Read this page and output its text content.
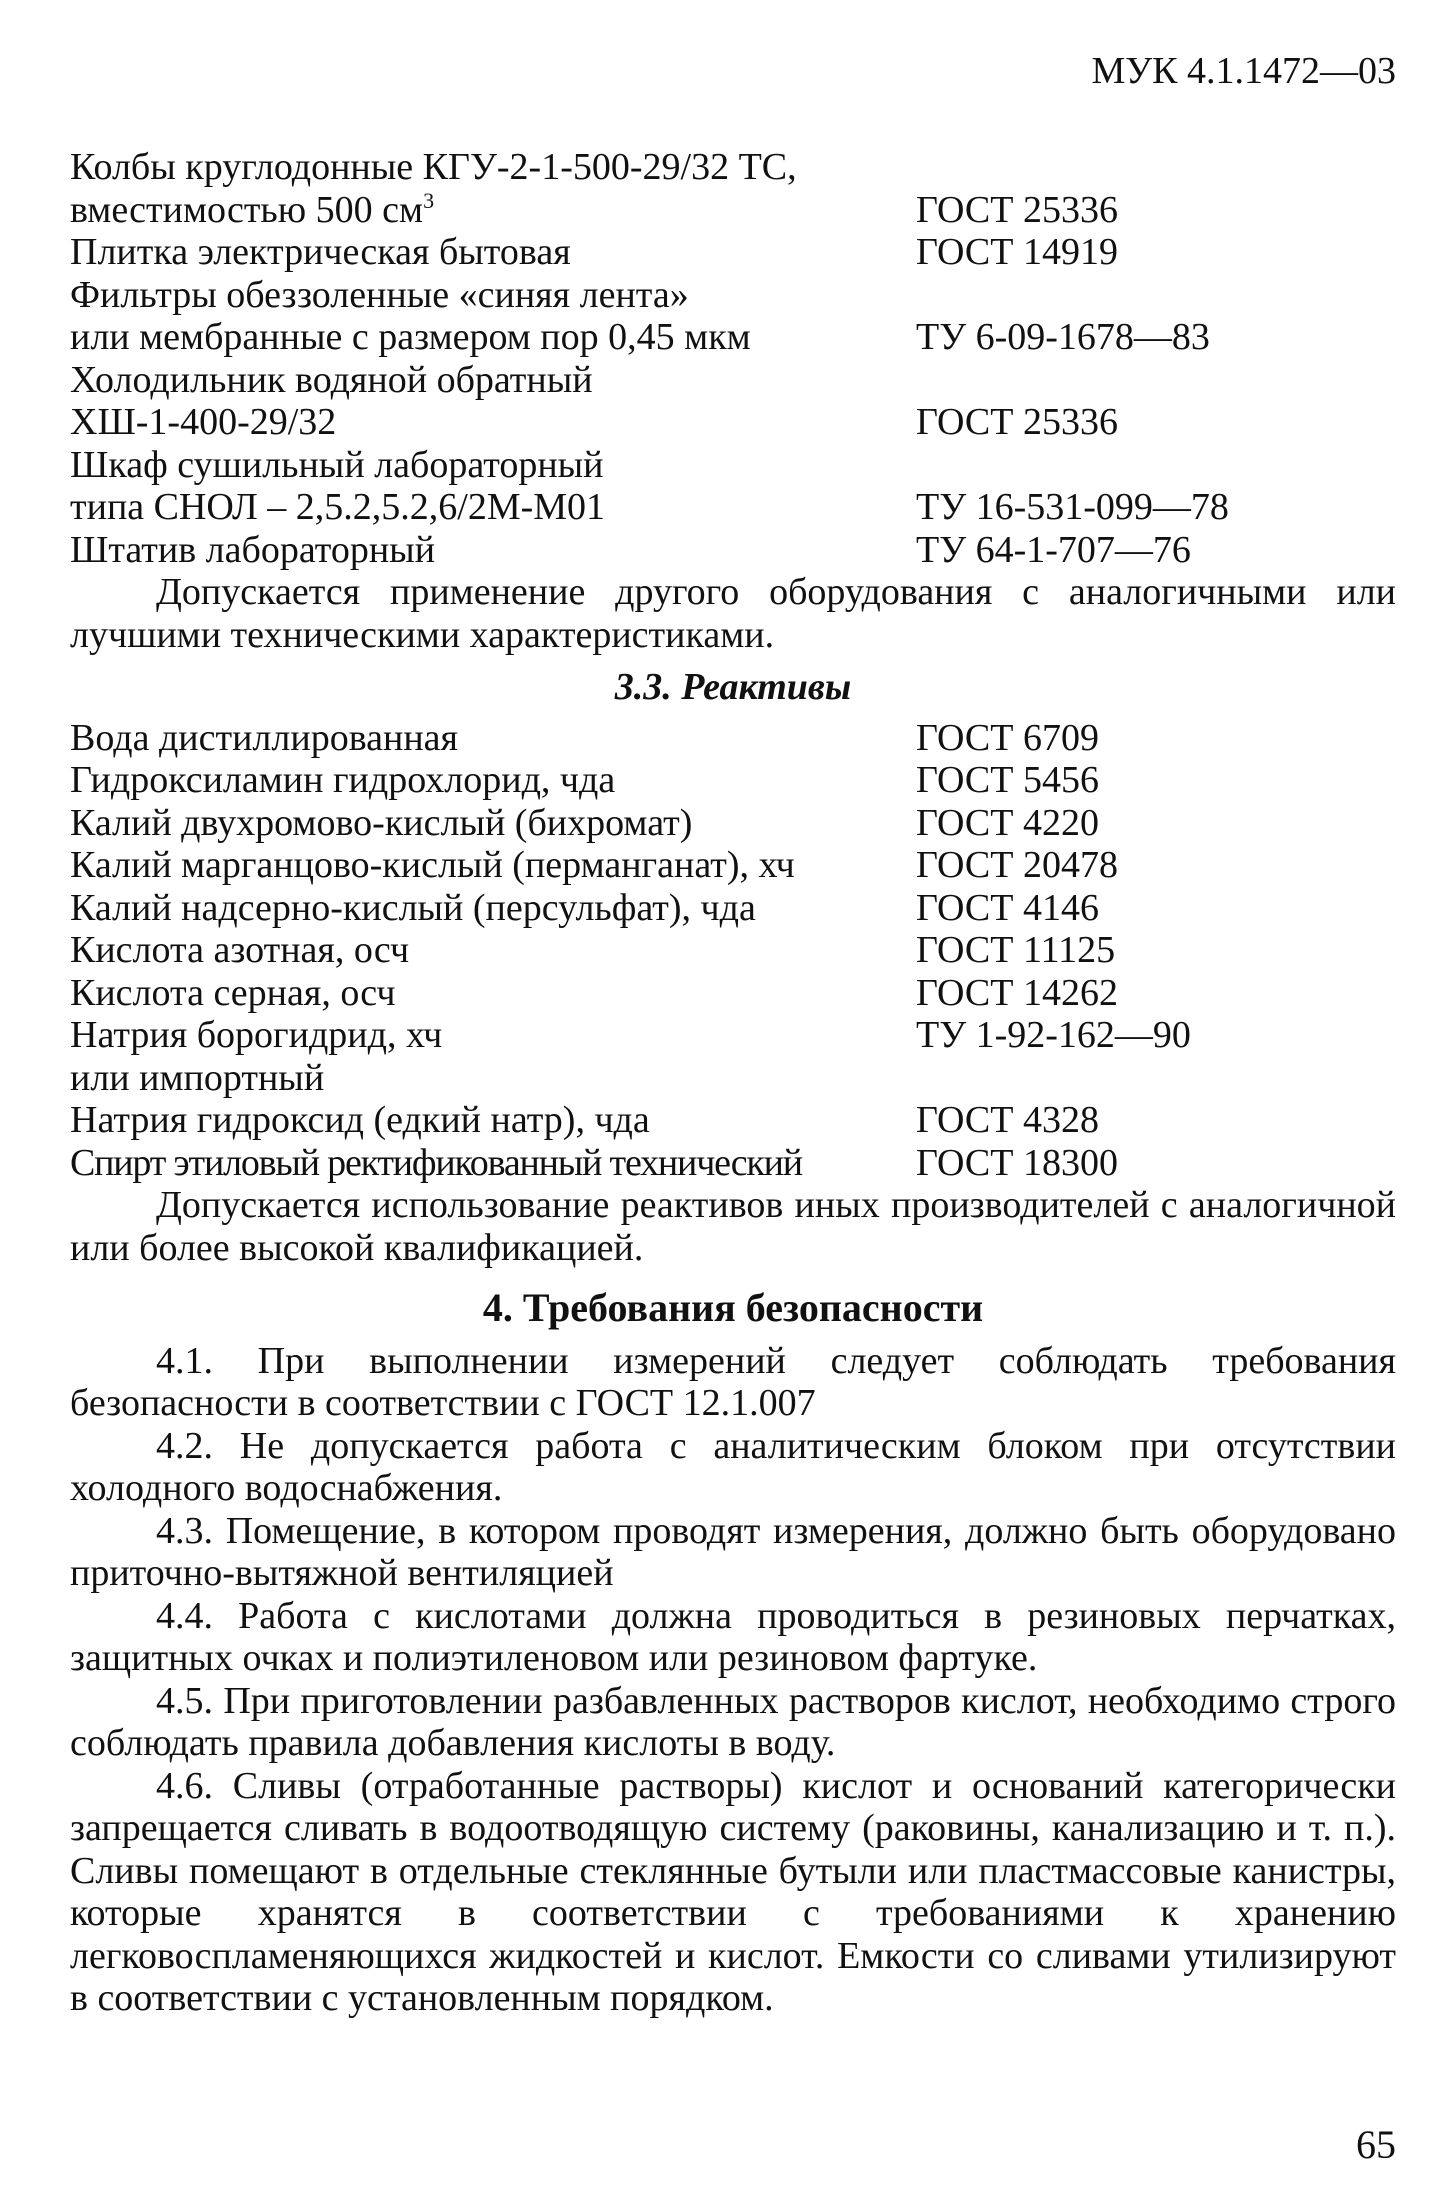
МУК 4.1.1472—03
Колбы круглодонные КГУ-2-1-500-29/32 ТС,
вместимостью 500 $см^3$	ГОСТ 25336
Плитка электрическая бытовая	ГОСТ 14919
Фильтры обеззоленные «синяя лента»
или мембранные с размером пор 0,45 мкм	ТУ 6-09-1678—83
Холодильник водяной обратный
ХШ-1-400-29/32	ГОСТ 25336
Шкаф сушильный лабораторный
типа СНОЛ – 2,5.2,5.2,6/2М-М01	ТУ 16-531-099—78
Штатив лабораторный	ТУ 64-1-707—76

Допускается применение другого оборудования с аналогичными или лучшими техническими характеристиками.

3.3. Реактивы
Вода дистиллированная	ГОСТ 6709
Гидроксиламин гидрохлорид, чда	ГОСТ 5456
Калий двухромово-кислый (бихромат)	ГОСТ 4220
Калий марганцово-кислый (перманганат), хч	ГОСТ 20478
Калий надсерно-кислый (персульфат), чда	ГОСТ 4146
Кислота азотная, осч	ГОСТ 11125
Кислота серная, осч	ГОСТ 14262
Натрия борогидрид, хч	ТУ 1-92-162—90
или импортный
Натрия гидроксид (едкий натр), чда	ГОСТ 4328
Спирт этиловый ректификованный технический	ГОСТ 18300

Допускается использование реактивов иных производителей с аналогичной или более высокой квалификацией.

4. Требования безопасности

4.1. При выполнении измерений следует соблюдать требования безопасности в соответствии с ГОСТ 12.1.007

4.2. Не допускается работа с аналитическим блоком при отсутствии холодного водоснабжения.

4.3. Помещение, в котором проводят измерения, должно быть оборудовано приточно-вытяжной вентиляцией

4.4. Работа с кислотами должна проводиться в резиновых перчатках, защитных очках и полиэтиленовом или резиновом фартуке.

4.5. При приготовлении разбавленных растворов кислот, необходимо строго соблюдать правила добавления кислоты в воду.

4.6. Сливы (отработанные растворы) кислот и оснований категорически запрещается сливать в водоотводящую систему (раковины, канализацию и т. п.). Сливы помещают в отдельные стеклянные бутыли или пластмассовые канистры, которые хранятся в соответствии с требованиями к хранению легковоспламеняющихся жидкостей и кислот. Емкости со сливами утилизируют в соответствии с установленным порядком.

65
